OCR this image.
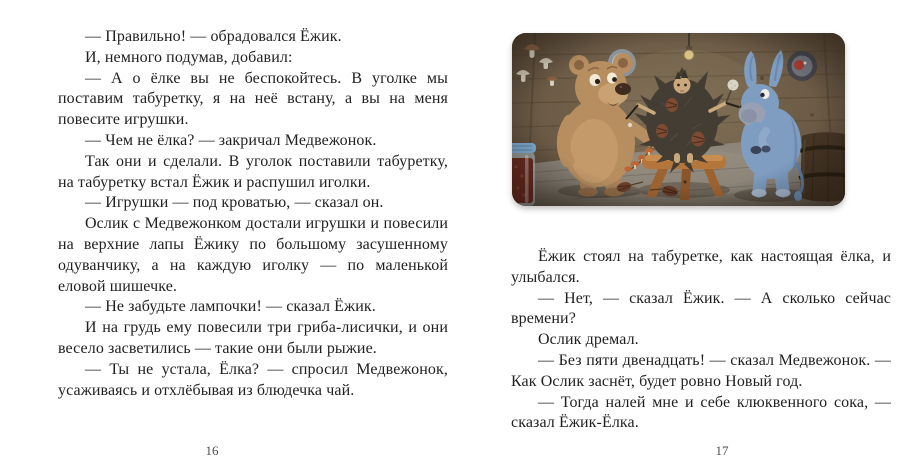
— Правильно! — обрадовался Ёжик.

И, немного подумав, добавил:

— А о ёлке вы не беспокойтесь. В уголке мы поставим табуретку, я на неё встану, а вы на меня повесите игрушки.

— Чем не ёлка? — закричал Медвежонок.

Так они и сделали. В уголок поставили табуретку, на табуретку встал Ёжик и распушил иголки.

— Игрушки — под кроватью, — сказал он.

Ослик с Медвежонком достали игрушки и повесили на верхние лапы Ёжику по большому засушенному одуванчику, а на каждую иголку — по маленькой еловой шишечке.

— Не забудьте лампочки! — сказал Ёжик.

И на грудь ему повесили три гриба-лисички, и они весело засветились — такие они были рыжие.

— Ты не устала, Ёлка? — спросил Медвежонок, усаживаясь и отхлёбывая из блюдечка чай.

16

Ёжик стоял на табуретке, как настоящая ёлка, и улыбался.

— Нет, — сказал Ёжик. — А сколько сейчас времени?

Ослик дремал.

— Без пяти двенадцать! — сказал Медвежонок. — Как Ослик заснёт, будет ровно Новый год.

— Тогда налей мне и себе клюквенного сока, — сказал Ёжик-Ёлка.

17
